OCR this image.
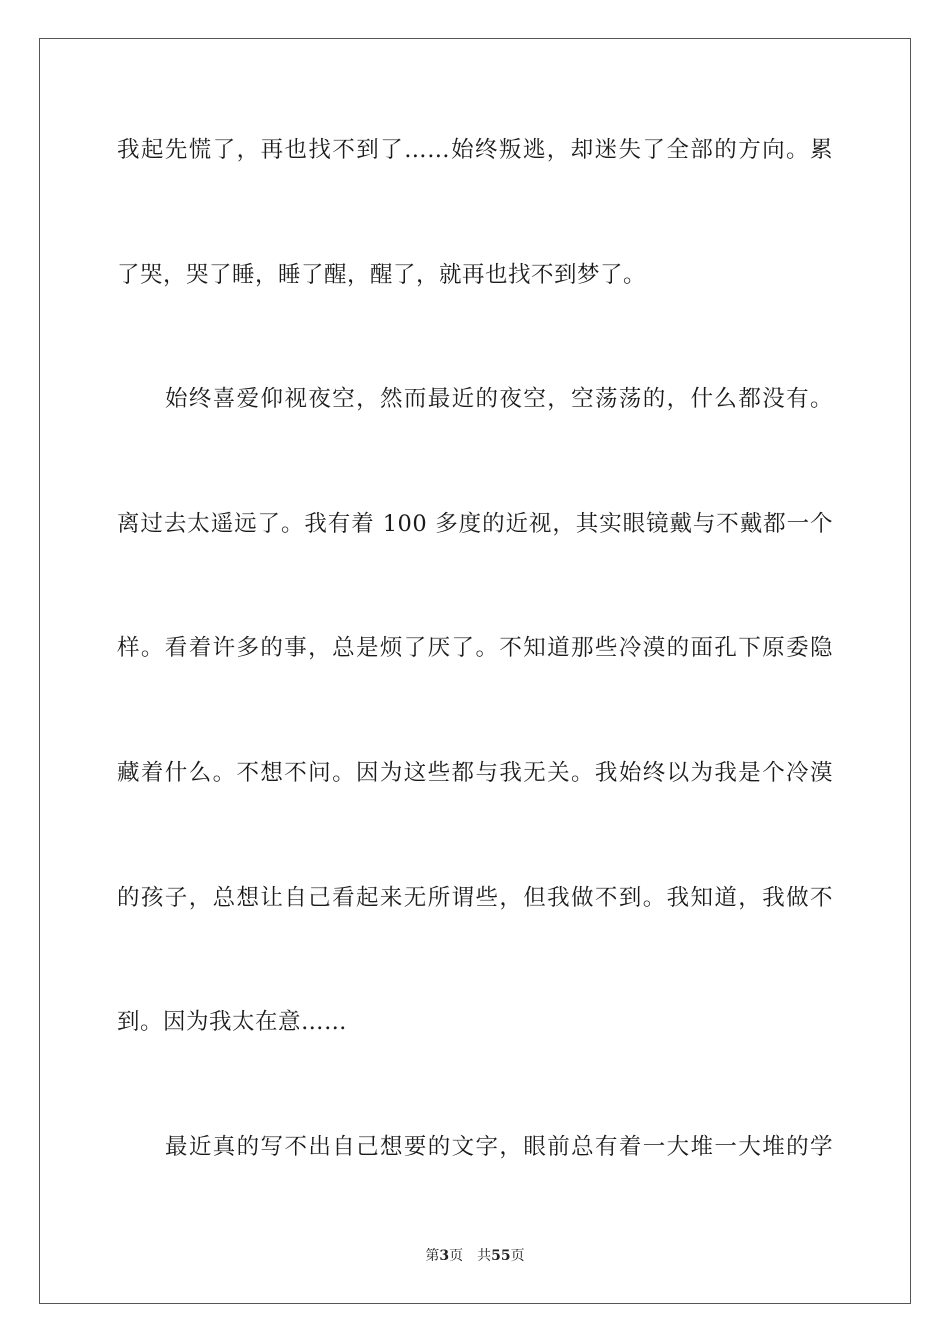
我起先慌了，再也找不到了……始终叛逃，却迷失了全部的方向。累
了哭，哭了睡，睡了醒，醒了，就再也找不到梦了。
始终喜爱仰视夜空，然而最近的夜空，空荡荡的，什么都没有。
离过去太遥远了。我有着 100 多度的近视，其实眼镜戴与不戴都一个
样。看着许多的事，总是烦了厌了。不知道那些冷漠的面孔下原委隐
藏着什么。不想不问。因为这些都与我无关。我始终以为我是个冷漠
的孩子，总想让自己看起来无所谓些，但我做不到。我知道，我做不
到。因为我太在意……
最近真的写不出自己想要的文字，眼前总有着一大堆一大堆的学
第3页 共55页
